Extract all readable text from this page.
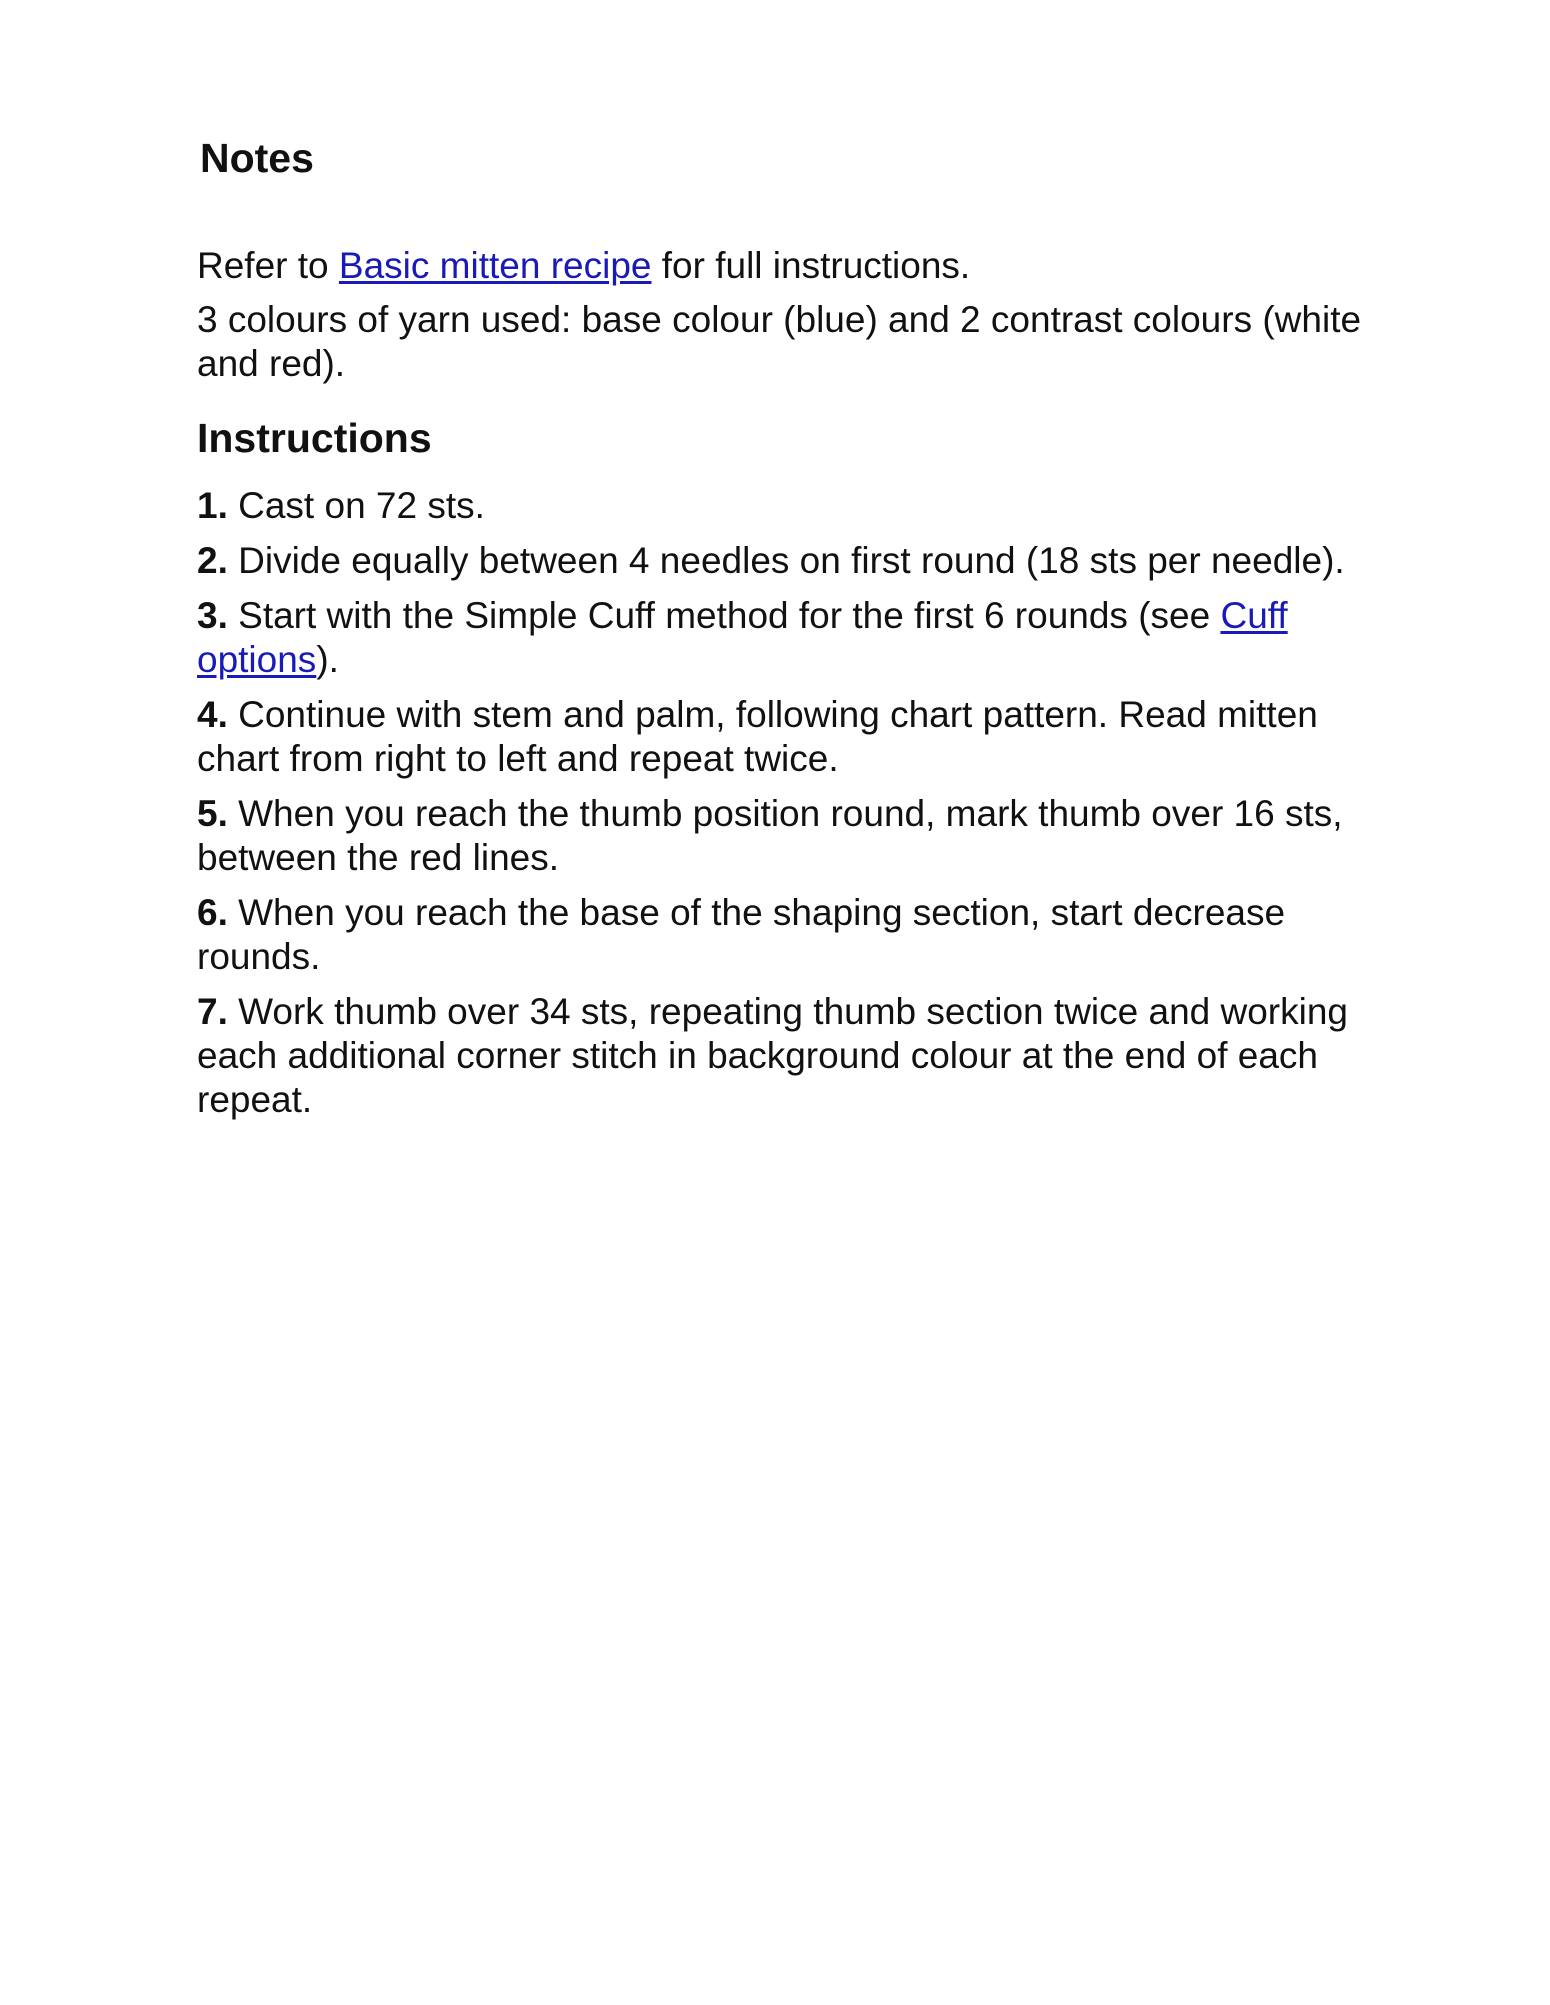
Notes

Refer to Basic mitten recipe for full instructions.

3 colours of yarn used: base colour (blue) and 2 contrast colours (white and red).

Instructions

1. Cast on 72 sts.

2. Divide equally between 4 needles on first round (18 sts per needle).

3. Start with the Simple Cuff method for the first 6 rounds (see Cuff options).

4. Continue with stem and palm, following chart pattern. Read mitten chart from right to left and repeat twice.

5. When you reach the thumb position round, mark thumb over 16 sts, between the red lines.

6. When you reach the base of the shaping section, start decrease rounds.

7. Work thumb over 34 sts, repeating thumb section twice and working each additional corner stitch in background colour at the end of each repeat.
